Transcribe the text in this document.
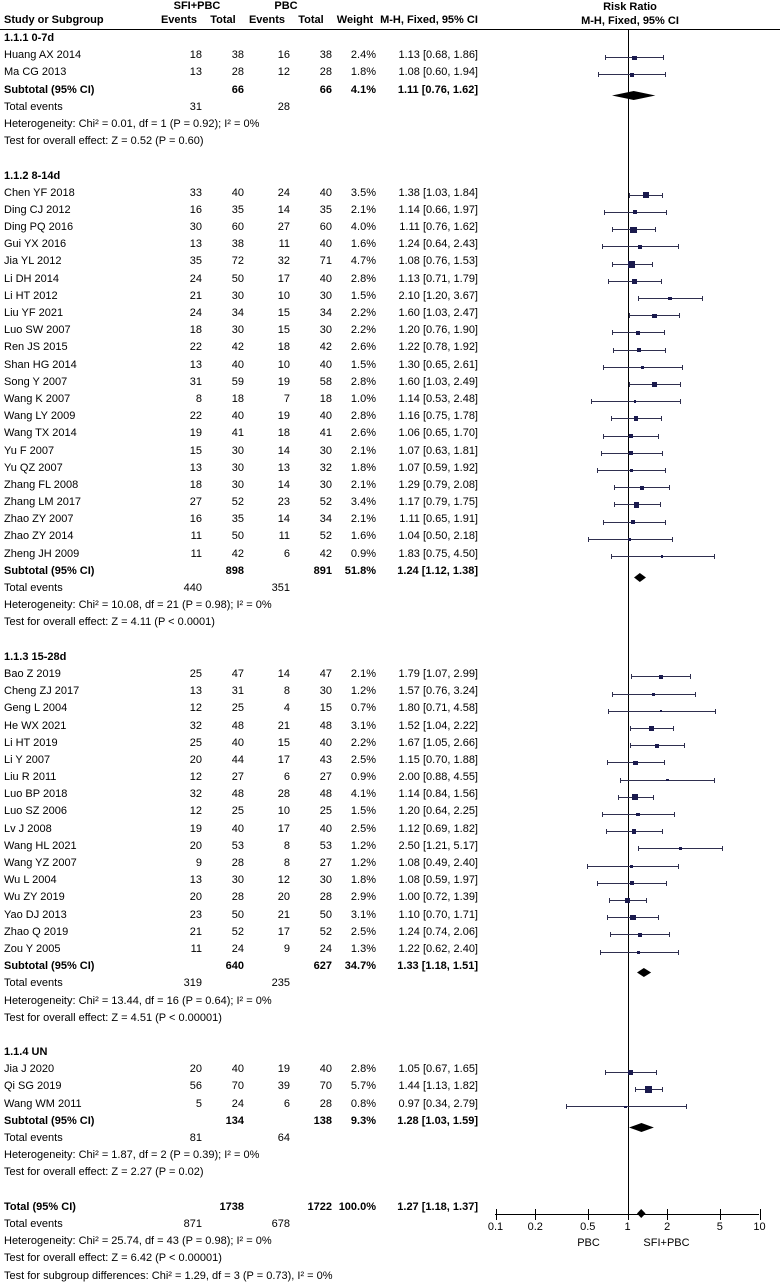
SFI+PBC	PBC
Study or Subgroup	Events	Total	Events	Total	Weight M-H, Fixed, 95% CI
Risk Ratio
M-H, Fixed, 95% CI
1.1.1 0-7d
Huang AX 2014	18	38	16	38	2.4%	1.13 [0.68, 1.86]
Ma CG 2013	13	28	12	28	1.8%	1.08 [0.60, 1.94]
Subtotal (95% CI)	66	66	4.1%	1.11 [0.76, 1.62]
Total events	31	28
Heterogeneity: Chi² = 0.01, df = 1 (P = 0.92); I² = 0%
Test for overall effect: Z = 0.52 (P = 0.60)
1.1.2 8-14d
Chen YF 2018	33	40	24	40	3.5%	1.38 [1.03, 1.84]
Ding CJ 2012	16	35	14	35	2.1%	1.14 [0.66, 1.97]
Ding PQ 2016	30	60	27	60	4.0%	1.11 [0.76, 1.62]
Gui YX 2016	13	38	11	40	1.6%	1.24 [0.64, 2.43]
Jia YL 2012	35	72	32	71	4.7%	1.08 [0.76, 1.53]
Li DH 2014	24	50	17	40	2.8%	1.13 [0.71, 1.79]
Li HT 2012	21	30	10	30	1.5%	2.10 [1.20, 3.67]
Liu YF 2021	24	34	15	34	2.2%	1.60 [1.03, 2.47]
Luo SW 2007	18	30	15	30	2.2%	1.20 [0.76, 1.90]
Ren JS 2015	22	42	18	42	2.6%	1.22 [0.78, 1.92]
Shan HG 2014	13	40	10	40	1.5%	1.30 [0.65, 2.61]
Song Y 2007	31	59	19	58	2.8%	1.60 [1.03, 2.49]
Wang K 2007	8	18	7	18	1.0%	1.14 [0.53, 2.48]
Wang LY 2009	22	40	19	40	2.8%	1.16 [0.75, 1.78]
Wang TX 2014	19	41	18	41	2.6%	1.06 [0.65, 1.70]
Yu F 2007	15	30	14	30	2.1%	1.07 [0.63, 1.81]
Yu QZ 2007	13	30	13	32	1.8%	1.07 [0.59, 1.92]
Zhang FL 2008	18	30	14	30	2.1%	1.29 [0.79, 2.08]
Zhang LM 2017	27	52	23	52	3.4%	1.17 [0.79, 1.75]
Zhao ZY 2007	16	35	14	34	2.1%	1.11 [0.65, 1.91]
Zhao ZY 2014	11	50	11	52	1.6%	1.04 [0.50, 2.18]
Zheng JH 2009	11	42	6	42	0.9%	1.83 [0.75, 4.50]
Subtotal (95% CI)	898	891	51.8%	1.24 [1.12, 1.38]
Total events	440	351
Heterogeneity: Chi² = 10.08, df = 21 (P = 0.98); I² = 0%
Test for overall effect: Z = 4.11 (P < 0.0001)
1.1.3 15-28d
Bao Z 2019	25	47	14	47	2.1%	1.79 [1.07, 2.99]
Cheng ZJ 2017	13	31	8	30	1.2%	1.57 [0.76, 3.24]
Geng L 2004	12	25	4	15	0.7%	1.80 [0.71, 4.58]
He WX 2021	32	48	21	48	3.1%	1.52 [1.04, 2.22]
Li HT 2019	25	40	15	40	2.2%	1.67 [1.05, 2.66]
Li Y 2007	20	44	17	43	2.5%	1.15 [0.70, 1.88]
Liu R 2011	12	27	6	27	0.9%	2.00 [0.88, 4.55]
Luo BP 2018	32	48	28	48	4.1%	1.14 [0.84, 1.56]
Luo SZ 2006	12	25	10	25	1.5%	1.20 [0.64, 2.25]
Lv J 2008	19	40	17	40	2.5%	1.12 [0.69, 1.82]
Wang HL 2021	20	53	8	53	1.2%	2.50 [1.21, 5.17]
Wang YZ 2007	9	28	8	27	1.2%	1.08 [0.49, 2.40]
Wu L 2004	13	30	12	30	1.8%	1.08 [0.59, 1.97]
Wu ZY 2019	20	28	20	28	2.9%	1.00 [0.72, 1.39]
Yao DJ 2013	23	50	21	50	3.1%	1.10 [0.70, 1.71]
Zhao Q 2019	21	52	17	52	2.5%	1.24 [0.74, 2.06]
Zou Y 2005	11	24	9	24	1.3%	1.22 [0.62, 2.40]
Subtotal (95% CI)	640	627	34.7%	1.33 [1.18, 1.51]
Total events	319	235
Heterogeneity: Chi² = 13.44, df = 16 (P = 0.64); I² = 0%
Test for overall effect: Z = 4.51 (P < 0.00001)
1.1.4 UN
Jia J 2020	20	40	19	40	2.8%	1.05 [0.67, 1.65]
Qi SG 2019	56	70	39	70	5.7%	1.44 [1.13, 1.82]
Wang WM 2011	5	24	6	28	0.8%	0.97 [0.34, 2.79]
Subtotal (95% CI)	134	138	9.3%	1.28 [1.03, 1.59]
Total events	81	64
Heterogeneity: Chi² = 1.87, df = 2 (P = 0.39); I² = 0%
Test for overall effect: Z = 2.27 (P = 0.02)
Total (95% CI)	1738	1722 100.0%	1.27 [1.18, 1.37]
Total events	871	678
Heterogeneity: Chi² = 25.74, df = 43 (P = 0.98); I² = 0%
Test for overall effect: Z = 6.42 (P < 0.00001)
Test for subgroup differences: Chi² = 1.29, df = 3 (P = 0.73), I² = 0%
0.1	0.2	0.5	1	2	5	10
PBC	SFI+PBC
